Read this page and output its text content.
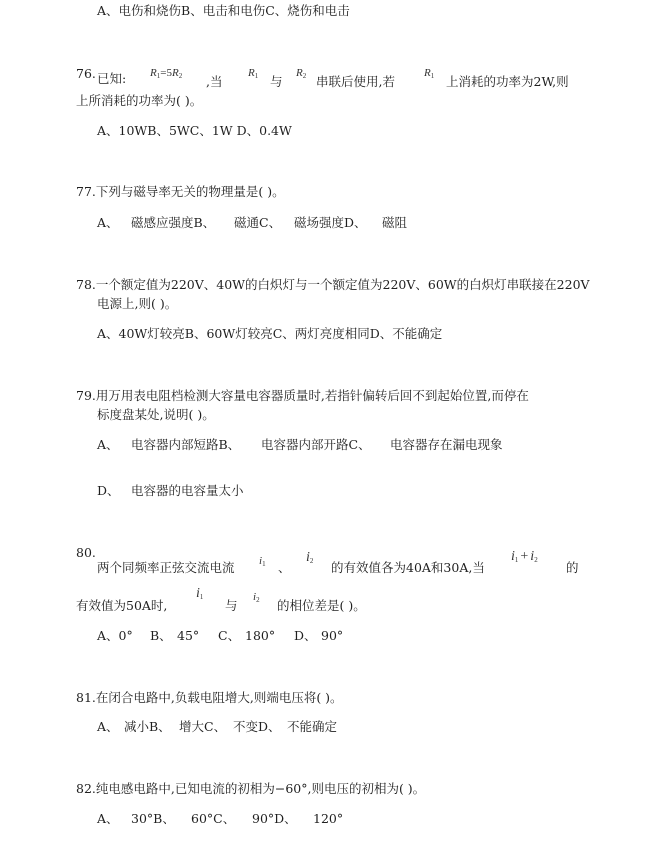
A、电伤和烧伤B、电击和电伤C、烧伤和电击
76. 已知: $R_1=5R_2$ ,当
$R_1$ 与
$R_2$ 串联后使用,若
$R_1$ 上消耗的功率为2W,则
上所消耗的功率为( )。
A、10WB、5WC、1W D、0.4W
77.下列与磁导率无关的物理量是( )。
A、 磁感应强度B、 磁通C、 磁场强度D、 磁阻
78.一个额定值为220V、40W的白炽灯与一个额定值为220V、60W的白炽灯串联接在220V
电源上,则( )。
A、40W灯较亮B、60W灯较亮C、两灯亮度相同D、不能确定
79.用万用表电阻档检测大容量电容器质量时,若指针偏转后回不到起始位置,而停在
标度盘某处,说明( )。
A、 电容器内部短路B、 电容器内部开路C、 电容器存在漏电现象
D、 电容器的电容量太小
80.
两个同频率正弦交流电流 $i_1$ 、
$i_2$ 的有效值各为40A和30A,当
$i_1 + i_2$ 的
有效值为50A时,
$i_1$
与
$i_2$ 的相位差是( )。
A、0° B、 45° C、 180° D、 90°
81.在闭合电路中,负载电阻增大,则端电压将( )。
A、 减小B、 增大C、 不变D、 不能确定
82.纯电感电路中,已知电流的初相为−60°,则电压的初相为( )。
A、 30°B、 60°C、 90°D、 120°
